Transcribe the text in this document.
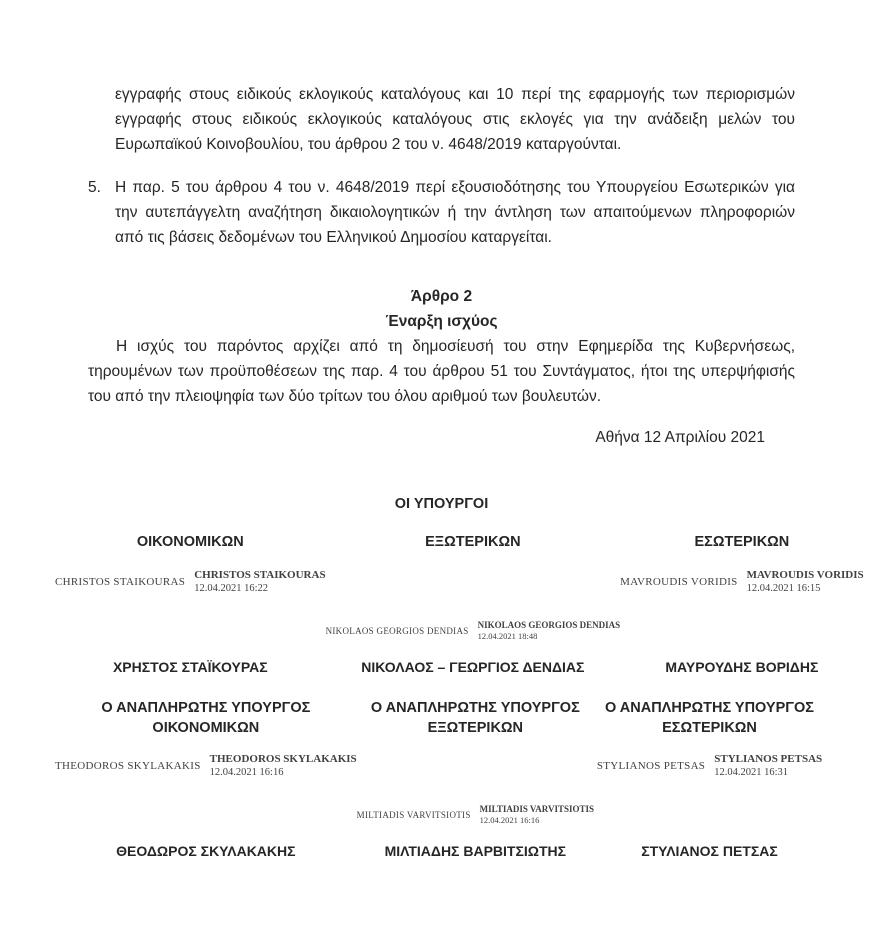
εγγραφής στους ειδικούς εκλογικούς καταλόγους και 10 περί της εφαρμογής των περιορισμών εγγραφής στους ειδικούς εκλογικούς καταλόγους στις εκλογές για την ανάδειξη μελών του Ευρωπαϊκού Κοινοβουλίου, του άρθρου 2 του ν. 4648/2019 καταργούνται.
5. Η παρ. 5 του άρθρου 4 του ν. 4648/2019 περί εξουσιοδότησης του Υπουργείου Εσωτερικών για την αυτεπάγγελτη αναζήτηση δικαιολογητικών ή την άντληση των απαιτούμενων πληροφοριών από τις βάσεις δεδομένων του Ελληνικού Δημοσίου καταργείται.
Άρθρο 2
Έναρξη ισχύος
Η ισχύς του παρόντος αρχίζει από τη δημοσίευσή του στην Εφημερίδα της Κυβερνήσεως, τηρουμένων των προϋποθέσεων της παρ. 4 του άρθρου 51 του Συντάγματος, ήτοι της υπερψήφισής του από την πλειοψηφία των δύο τρίτων του όλου αριθμού των βουλευτών.
Αθήνα 12 Απριλίου 2021
ΟΙ ΥΠΟΥΡΓΟΙ
ΟΙΚΟΝΟΜΙΚΩΝ
CHRISTOS STAIKOURAS
CHRISTOS STAIKOURAS
12.04.2021 16:22
ΧΡΗΣΤΟΣ ΣΤΑΪΚΟΥΡΑΣ
ΕΞΩΤΕΡΙΚΩΝ
NIKOLAOS GEORGIOS DENDIAS
NIKOLAOS GEORGIOS DENDIAS
12.04.2021 18:48
ΝΙΚΟΛΑΟΣ – ΓΕΩΡΓΙΟΣ ΔΕΝΔΙΑΣ
ΕΣΩΤΕΡΙΚΩΝ
MAVROUDIS VORIDIS
MAVROUDIS VORIDIS
12.04.2021 16:15
ΜΑΥΡΟΥΔΗΣ ΒΟΡΙΔΗΣ
Ο ΑΝΑΠΛΗΡΩΤΗΣ ΥΠΟΥΡΓΟΣ
ΟΙΚΟΝΟΜΙΚΩΝ
THEODOROS SKYLAKAKIS
THEODOROS SKYLAKAKIS
12.04.2021 16:16
ΘΕΟΔΩΡΟΣ ΣΚΥΛΑΚΑΚΗΣ
Ο ΑΝΑΠΛΗΡΩΤΗΣ ΥΠΟΥΡΓΟΣ
ΕΞΩΤΕΡΙΚΩΝ
MILTIADIS VARVITSIOTIS
MILTIADIS VARVITSIOTIS
12.04.2021 16:16
ΜΙΛΤΙΑΔΗΣ ΒΑΡΒΙΤΣΙΩΤΗΣ
Ο ΑΝΑΠΛΗΡΩΤΗΣ ΥΠΟΥΡΓΟΣ
ΕΣΩΤΕΡΙΚΩΝ
STYLIANOS PETSAS
STYLIANOS PETSAS
12.04.2021 16:31
ΣΤΥΛΙΑΝΟΣ ΠΕΤΣΑΣ
